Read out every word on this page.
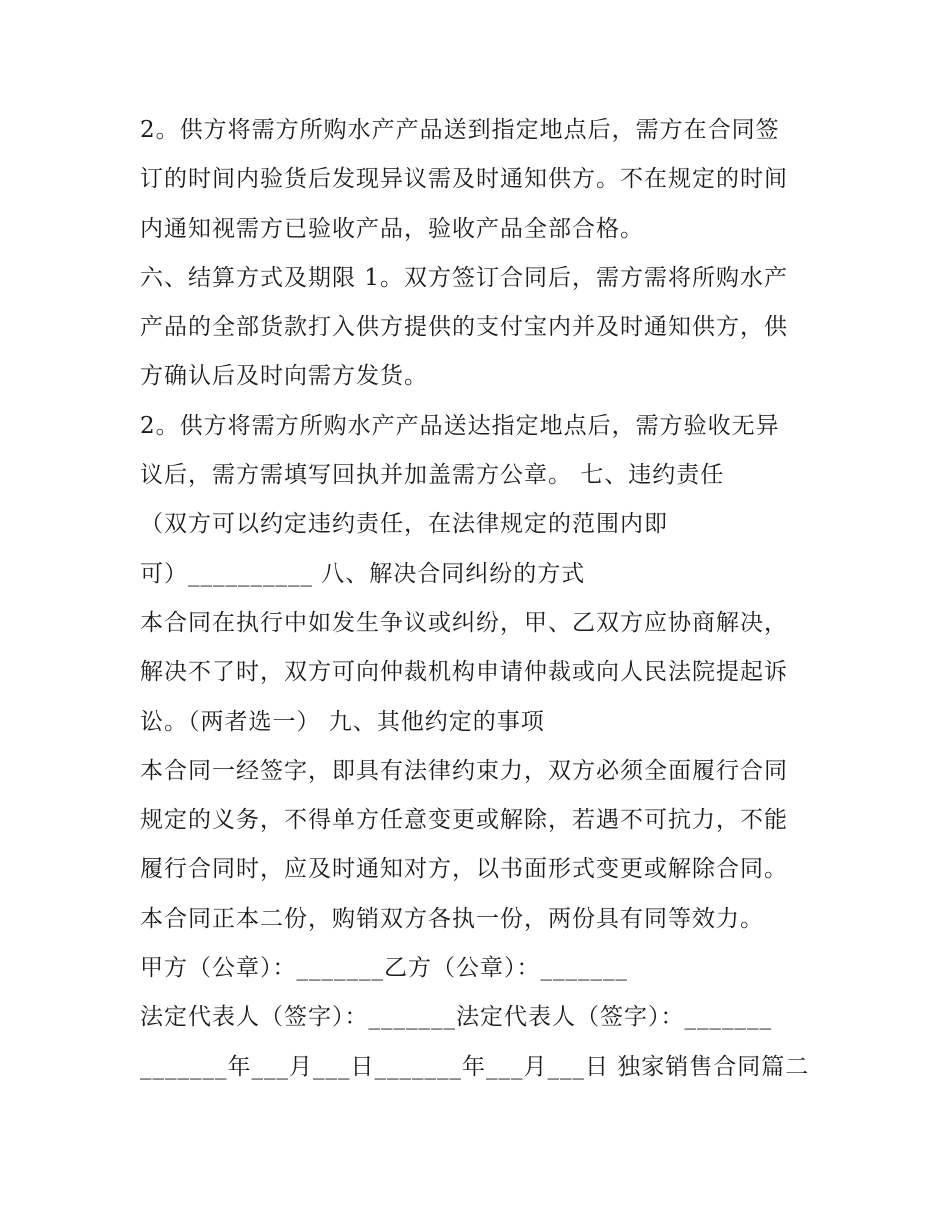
2。供方将需方所购水产产品送到指定地点后，需方在合同签
订的时间内验货后发现异议需及时通知供方。不在规定的时间
内通知视需方已验收产品，验收产品全部合格。
六、结算方式及期限 1。双方签订合同后，需方需将所购水产
产品的全部货款打入供方提供的支付宝内并及时通知供方，供
方确认后及时向需方发货。
2。供方将需方所购水产产品送达指定地点后，需方验收无异
议后，需方需填写回执并加盖需方公章。 七、违约责任
（双方可以约定违约责任，在法律规定的范围内即
可）__________ 八、解决合同纠纷的方式
本合同在执行中如发生争议或纠纷，甲、乙双方应协商解决，
解决不了时，双方可向仲裁机构申请仲裁或向人民法院提起诉
讼。（两者选一） 九、其他约定的事项
本合同一经签字，即具有法律约束力，双方必须全面履行合同
规定的义务，不得单方任意变更或解除，若遇不可抗力，不能
履行合同时，应及时通知对方，以书面形式变更或解除合同。
本合同正本二份，购销双方各执一份，两份具有同等效力。
甲方（公章）：_______乙方（公章）：_______
法定代表人（签字）：_______法定代表人（签字）：_______
_______年___月___日_______年___月___日 独家销售合同篇二
